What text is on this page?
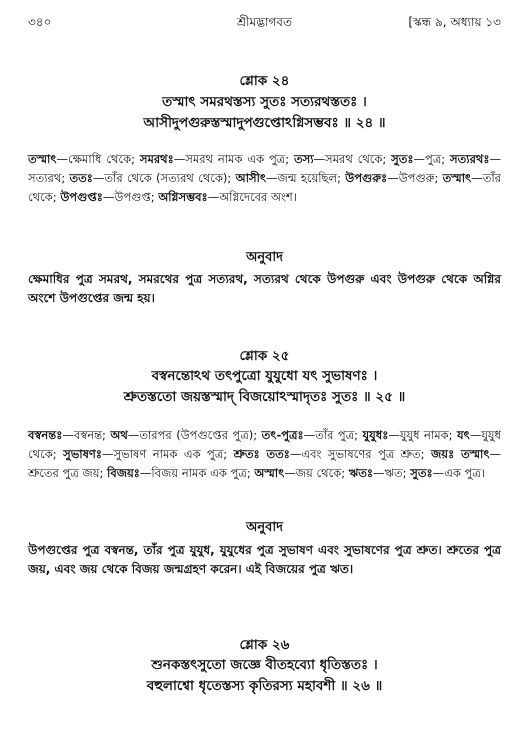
৩৪০	শ্রীমদ্ভাগবত	[স্কন্ধ ৯, অধ্যায় ১৩

শ্লোক ২৪

তস্মাৎ সমরথস্তস্য সুতঃ সত্যরথস্ততঃ ।

আসীদুপগুরুস্তস্মাদুপগুপ্তোঽগ্নিসম্ভবঃ ॥ ২৪ ॥

তস্মাৎ—ক্ষেমাধি থেকে; সমরথঃ—সমরথ নামক এক পুত্র; তস্য—সমরথ থেকে; সুতঃ—পুত্র; সত্যরথঃ—সত্যরথ; ততঃ—তাঁর থেকে (সত্যরথ থেকে); আসীৎ—জন্ম হয়েছিল; উপগুরুঃ—উপগুরু; তস্মাৎ—তাঁর থেকে; উপগুপ্তঃ—উপগুপ্ত; অগ্নিসম্ভবঃ—অগ্নিদেবের অংশ।

অনুবাদ

ক্ষেমাধির পুত্র সমরথ, সমরথের পুত্র সত্যরথ, সত্যরথ থেকে উপগুরু এবং উপগুরু থেকে অগ্নির অংশে উপগুপ্তের জন্ম হয়।

শ্লোক ২৫

বস্বনন্তোঽথ তৎপুত্রো যুযুধো যৎ সুভাষণঃ ।

শ্রুতস্ততো জয়স্তস্মাদ্ বিজয়োঽস্মাদৃতঃ সুতঃ ॥ ২৫ ॥

বস্বনন্তঃ—বস্বনন্ত; অথ—তারপর (উপগুপ্তের পুত্র); তৎ-পুত্রঃ—তাঁর পুত্র; যুযুধঃ—যুযুধ নামক; যৎ—যুযুধ থেকে; সুভাষণঃ—সুভাষণ নামক এক পুত্র; শ্রুতঃ ততঃ—এবং সুভাষণের পুত্র শ্রুত; জয়ঃ তস্মাৎ—শ্রুতের পুত্র জয়; বিজয়ঃ—বিজয় নামক এক পুত্র; অস্মাৎ—জয় থেকে; ঋতঃ—ঋত; সুতঃ—এক পুত্র।

অনুবাদ

উপগুপ্তের পুত্র বস্বনন্ত, তাঁর পুত্র যুযুধ, যুযুধের পুত্র সুভাষণ এবং সুভাষণের পুত্র শ্রুত। শ্রুতের পুত্র জয়, এবং জয় থেকে বিজয় জন্মগ্রহণ করেন। এই বিজয়ের পুত্র ঋত।

শ্লোক ২৬

শুনকস্তৎসুতো জজ্ঞে বীতহব্যো ধৃতিস্ততঃ ।

বহুলাশ্বো ধৃতেস্তস্য কৃতিরস্য মহাবশী ॥ ২৬ ॥
